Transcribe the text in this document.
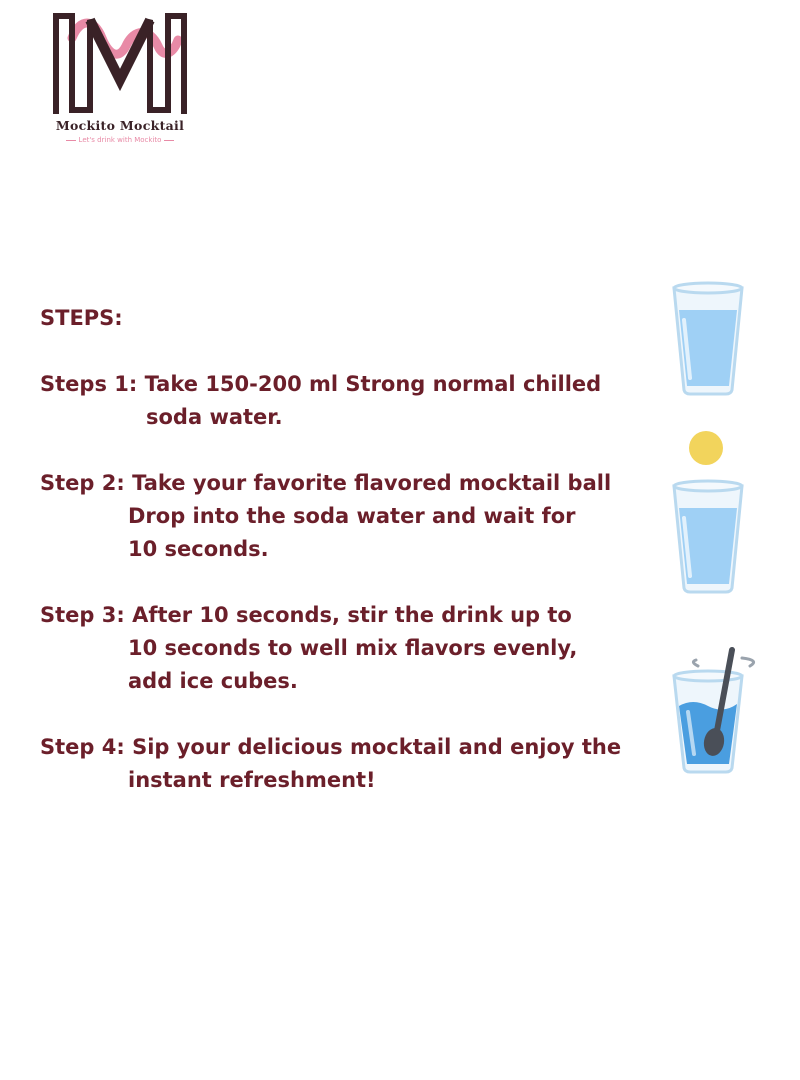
Mockito Mocktail
Let's drink with Mockito

STEPS:

Steps 1: Take 150-200 ml Strong normal chilled

soda water.

Step 2: Take your favorite flavored mocktail ball

Drop into the soda water and wait for

10 seconds.

Step 3: After 10 seconds, stir the drink up to

10 seconds to well mix flavors evenly,

add ice cubes.

Step 4: Sip your delicious mocktail and enjoy the

instant refreshment!
